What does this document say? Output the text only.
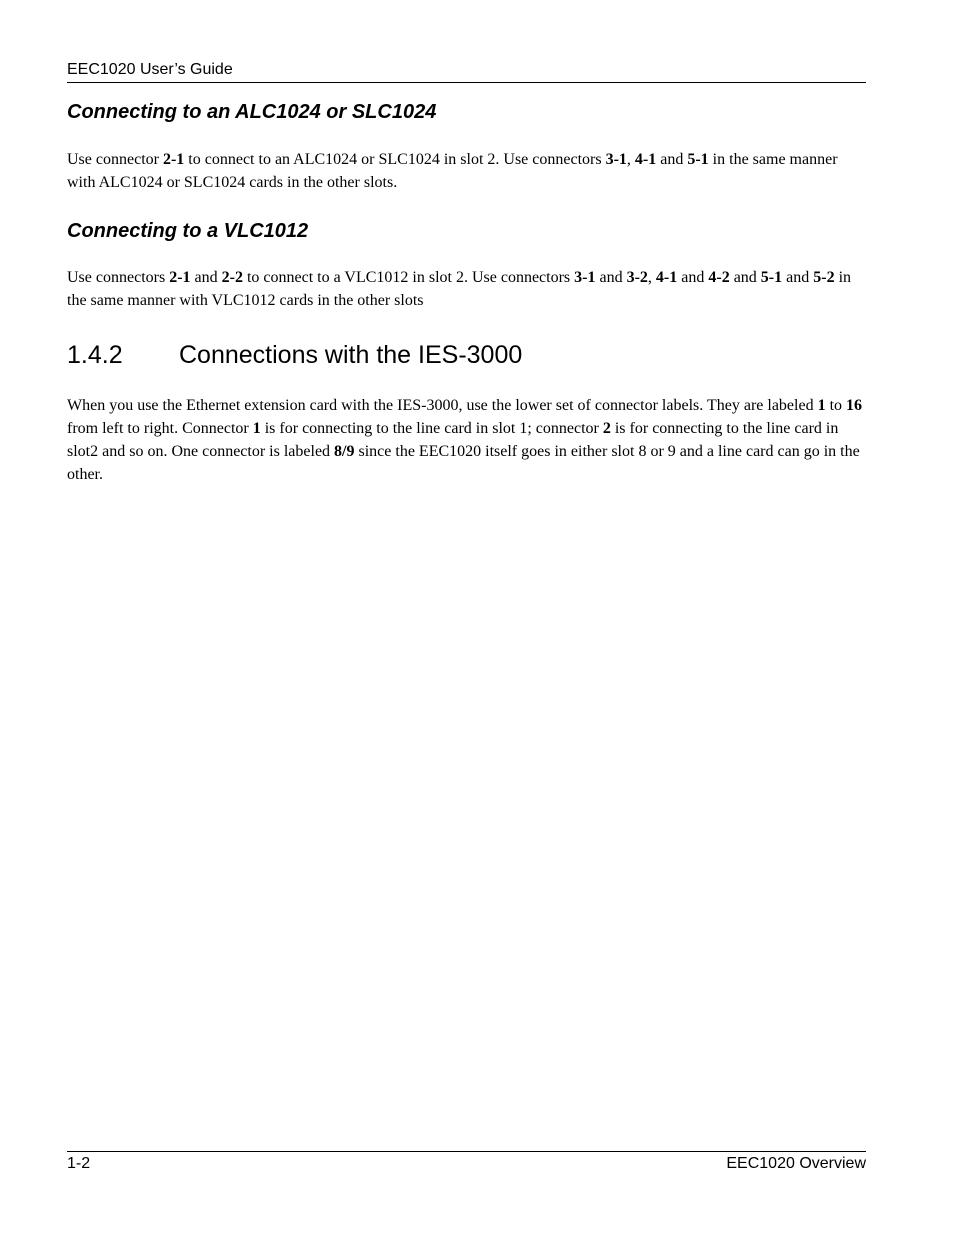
EEC1020 User’s Guide
Connecting to an ALC1024 or SLC1024

Use connector 2-1 to connect to an ALC1024 or SLC1024 in slot 2. Use connectors 3-1, 4-1 and 5-1 in the same manner with ALC1024 or SLC1024 cards in the other slots.

Connecting to a VLC1012

Use connectors 2-1 and 2-2 to connect to a VLC1012 in slot 2. Use connectors 3-1 and 3-2, 4-1 and 4-2 and 5-1 and 5-2 in the same manner with VLC1012 cards in the other slots

1.4.2	Connections with the IES-3000

When you use the Ethernet extension card with the IES-3000, use the lower set of connector labels. They are labeled 1 to 16 from left to right. Connector 1 is for connecting to the line card in slot 1; connector 2 is for connecting to the line card in slot2 and so on. One connector is labeled 8/9 since the EEC1020 itself goes in either slot 8 or 9 and a line card can go in the other.

1-2	EEC1020 Overview
